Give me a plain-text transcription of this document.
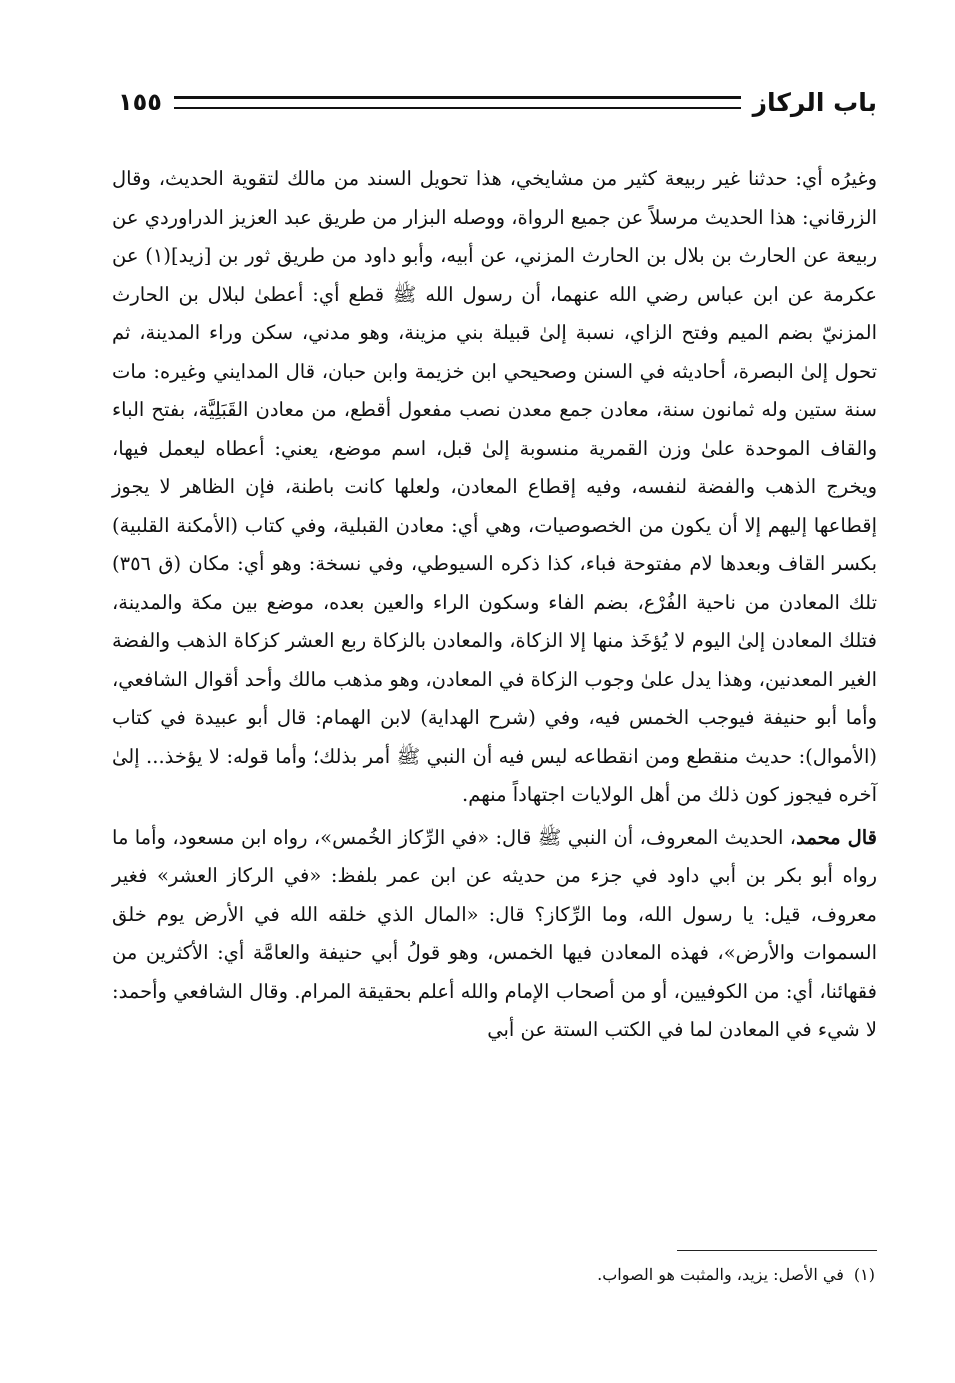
باب الركاز
١٥٥

وغيرُه أي: حدثنا غير ربيعة كثير من مشايخي، هذا تحويل السند من مالك لتقوية الحديث، وقال الزرقاني: هذا الحديث مرسلاً عن جميع الرواة، ووصله البزار من طريق عبد العزيز الدراوردي عن ربيعة عن الحارث بن بلال بن الحارث المزني، عن أبيه، وأبو داود من طريق ثور بن [زيد](١) عن عكرمة عن ابن عباس رضي الله عنهما، أن رسول الله ﷺ قطع أي: أعطىٰ لبلال بن الحارث المزنيّ بضم الميم وفتح الزاي، نسبة إلىٰ قبيلة بني مزينة، وهو مدني، سكن وراء المدينة، ثم تحول إلىٰ البصرة، أحاديثه في السنن وصحيحي ابن خزيمة وابن حبان، قال المدايني وغيره: مات سنة ستين وله ثمانون سنة، معادن جمع معدن نصب مفعول أقطع، من معادن القَبَلِيَّة، بفتح الباء والقاف الموحدة علىٰ وزن القمرية منسوبة إلىٰ قبل، اسم موضع، يعني: أعطاه ليعمل فيها، ويخرج الذهب والفضة لنفسه، وفيه إقطاع المعادن، ولعلها كانت باطنة، فإن الظاهر لا يجوز إقطاعها إليهم إلا أن يكون من الخصوصيات، وهي أي: معادن القبلية، وفي كتاب (الأمكنة القلبية) بكسر القاف وبعدها لام مفتوحة فباء، كذا ذكره السيوطي، وفي نسخة: وهو أي: مكان (ق ٣٥٦) تلك المعادن من ناحية الفُرْع، بضم الفاء وسكون الراء والعين بعده، موضع بين مكة والمدينة، فتلك المعادن إلىٰ اليوم لا يُؤخَذ منها إلا الزكاة، والمعادن بالزكاة ربع العشر كزكاة الذهب والفضة الغير المعدنين، وهذا يدل علىٰ وجوب الزكاة في المعادن، وهو مذهب مالك وأحد أقوال الشافعي، وأما أبو حنيفة فيوجب الخمس فيه، وفي (شرح الهداية) لابن الهمام: قال أبو عبيدة في كتاب (الأموال): حديث منقطع ومن انقطاعه ليس فيه أن النبي ﷺ أمر بذلك؛ وأما قوله: لا يؤخذ... إلىٰ آخره فيجوز كون ذلك من أهل الولايات اجتهاداً منهم.

قال محمد، الحديث المعروف، أن النبي ﷺ قال: «في الرِّكاز الخُمس»، رواه ابن مسعود، وأما ما رواه أبو بكر بن أبي داود في جزء من حديثه عن ابن عمر بلفظ: «في الركاز العشر» فغير معروف، قيل: يا رسول الله، وما الرِّكاز؟ قال: «المال الذي خلقه الله في الأرض يوم خلق السموات والأرض»، فهذه المعادن فيها الخمس، وهو قولُ أبي حنيفة والعامَّة أي: الأكثرين من فقهائنا، أي: من الكوفيين، أو من أصحاب الإمام والله أعلم بحقيقة المرام. وقال الشافعي وأحمد: لا شيء في المعادن لما في الكتب الستة عن أبي

(١)في الأصل: يزيد، والمثبت هو الصواب.
